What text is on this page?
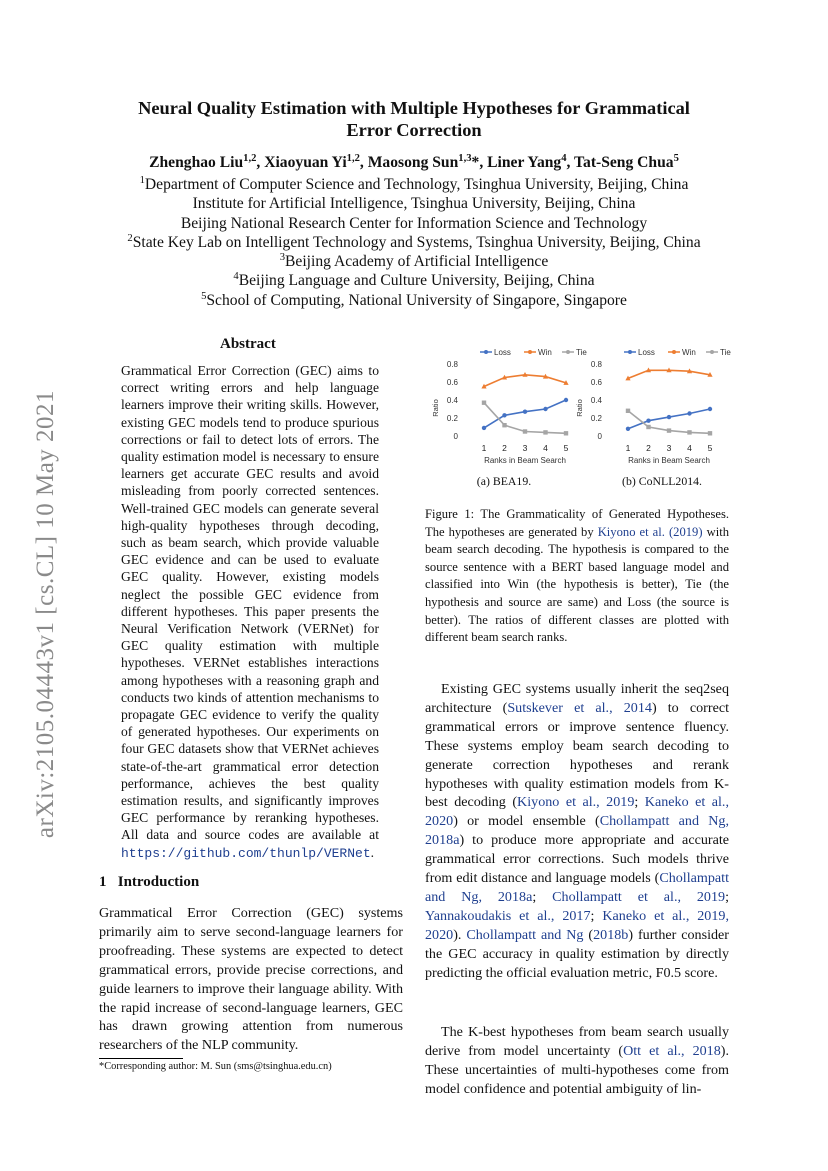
arXiv:2105.04443v1 [cs.CL] 10 May 2021
Neural Quality Estimation with Multiple Hypotheses for Grammatical
Error Correction
Zhenghao Liu$^{1,2}$, Xiaoyuan Yi$^{1,2}$, Maosong Sun$^{1,3}$*, Liner Yang$^4$, Tat-Seng Chua$^5$
$^1$Department of Computer Science and Technology, Tsinghua University, Beijing, China
Institute for Artificial Intelligence, Tsinghua University, Beijing, China
Beijing National Research Center for Information Science and Technology
$^2$State Key Lab on Intelligent Technology and Systems, Tsinghua University, Beijing, China
$^3$Beijing Academy of Artificial Intelligence
$^4$Beijing Language and Culture University, Beijing, China
$^5$School of Computing, National University of Singapore, Singapore
Abstract
Grammatical Error Correction (GEC) aims to correct writing errors and help language learners improve their writing skills. However, existing GEC models tend to produce spurious corrections or fail to detect lots of errors. The quality estimation model is necessary to ensure learners get accurate GEC results and avoid misleading from poorly corrected sentences. Well-trained GEC models can generate several high-quality hypotheses through decoding, such as beam search, which provide valuable GEC evidence and can be used to evaluate GEC quality. However, existing models neglect the possible GEC evidence from different hypotheses. This paper presents the Neural Verification Network (VERNet) for GEC quality estimation with multiple hypotheses. VERNet establishes interactions among hypotheses with a reasoning graph and conducts two kinds of attention mechanisms to propagate GEC evidence to verify the quality of generated hypotheses. Our experiments on four GEC datasets show that VERNet achieves state-of-the-art grammatical error detection performance, achieves the best quality estimation results, and significantly improves GEC performance by reranking hypotheses. All data and source codes are available at https://github.com/thunlp/VERNet.
1 Introduction
Grammatical Error Correction (GEC) systems primarily aim to serve second-language learners for proofreading. These systems are expected to detect grammatical errors, provide precise corrections, and guide learners to improve their language ability. With the rapid increase of second-language learners, GEC has drawn growing attention from numerous researchers of the NLP community.
*Corresponding author: M. Sun (sms@tsinghua.edu.cn)
Loss	Win	Tie
0
0.2
0.4
0.6
0.8
Ratio
1 2 3 4 5
Ranks in Beam Search
Loss	Win	Tie
0
0.2
0.4
0.6
0.8
Ratio
1 2 3 4 5
Ranks in Beam Search
(a) BEA19.	(b) CoNLL2014.
Figure 1: The Grammaticality of Generated Hypotheses. The hypotheses are generated by Kiyono et al. (2019) with beam search decoding. The hypothesis is compared to the source sentence with a BERT based language model and classified into Win (the hypothesis is better), Tie (the hypothesis and source are same) and Loss (the source is better). The ratios of different classes are plotted with different beam search ranks.
Existing GEC systems usually inherit the seq2seq architecture (Sutskever et al., 2014) to correct grammatical errors or improve sentence fluency. These systems employ beam search decoding to generate correction hypotheses and rerank hypotheses with quality estimation models from K-best decoding (Kiyono et al., 2019; Kaneko et al., 2020) or model ensemble (Chollampatt and Ng, 2018a) to produce more appropriate and accurate grammatical error corrections. Such models thrive from edit distance and language models (Chollampatt and Ng, 2018a; Chollampatt et al., 2019; Yannakoudakis et al., 2017; Kaneko et al., 2019, 2020). Chollampatt and Ng (2018b) further consider the GEC accuracy in quality estimation by directly predicting the official evaluation metric, F0.5 score.
The K-best hypotheses from beam search usually derive from model uncertainty (Ott et al., 2018). These uncertainties of multi-hypotheses come from model confidence and potential ambiguity of lin-
